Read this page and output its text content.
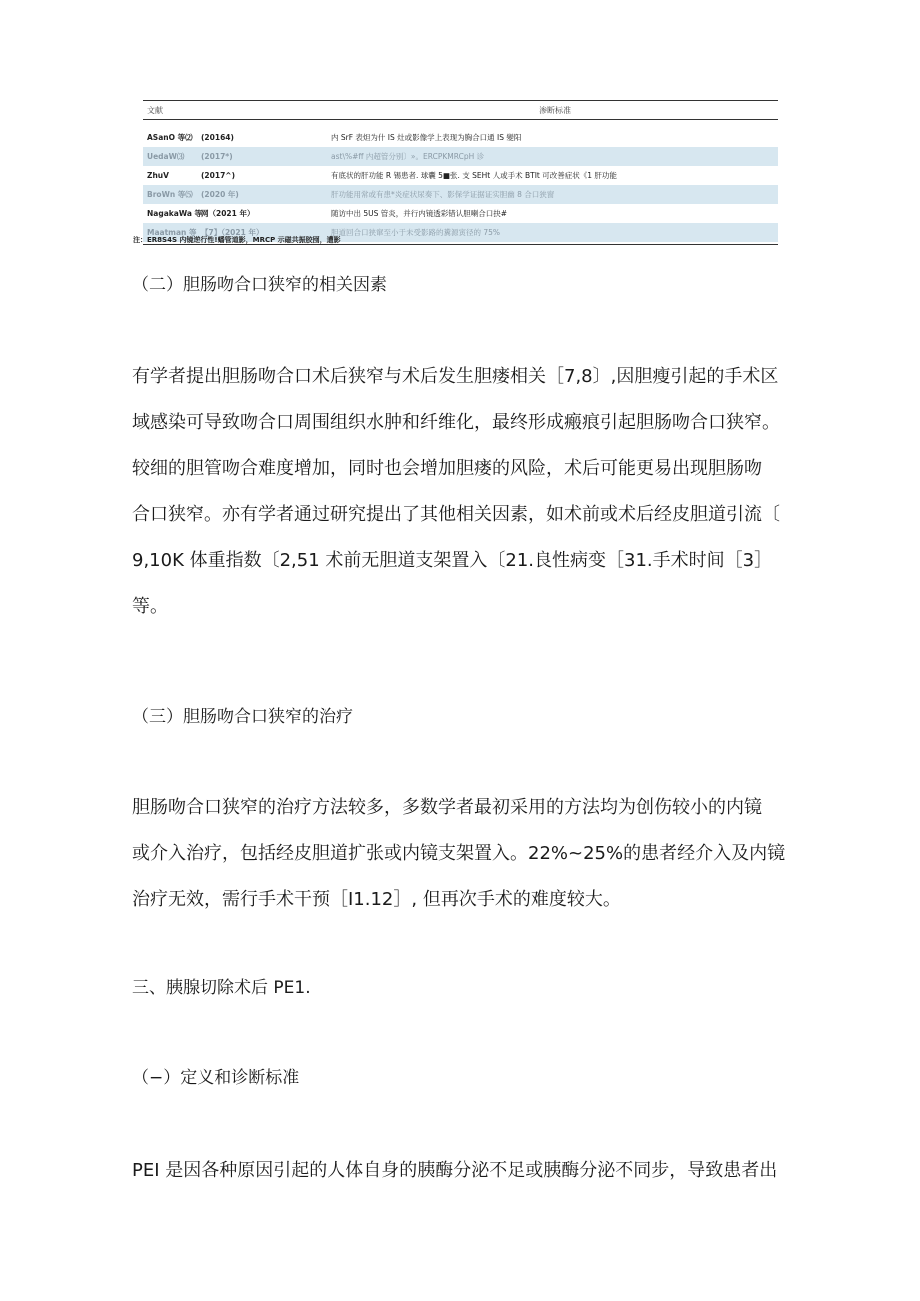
文献	渗断标准
ASanO 等⑵	(20164)	内 SrF 表炟为什 IS 灶或影像学上表现为胸合口通 IS 變阳
UedaW⑶	(2017*)	ast\%#ff 内超管分别〕»。ERCPKMRCpH 诊
ZhuV	(2017^)	有底状的肝功能 R 锡患者. 球囊 5■张. 支 SEHt 人或手术 BTIt 可改善症状《1 肝功能
BroWn 等⑸	(2020 年)	肝功能用常或有患*炎症状尿奏下、影保学证据证实胆幽 8 合口狭窗
NagakaWa 等 网（2021 年）	随访中出 5US 管炎，并行内镜透彩错认胆喇合口抉#
Maatman 等 【7】（2021 年）	胆道回合口狭窜至小于未受影路的糞源寅径的 75%
注：ER8S4S 内镜逆行性!蟠管道影，MRCP 示磁共振胶囤，遭影
（二）胆肠吻合口狭窄的相关因素
有学者提出胆肠吻合口术后狭窄与术后发生胆瘘相关［7,8〕,因胆瘦引起的手术区
域感染可导致吻合口周围组织水肿和纤维化，最终形成瘢痕引起胆肠吻合口狭窄。
较细的胆管吻合难度增加，同时也会增加胆瘘的风险，术后可能更易出现胆肠吻
合口狭窄。亦有学者通过研究提出了其他相关因素，如术前或术后经皮胆道引流〔
9,10K 体重指数〔2,51 术前无胆道支架置入〔21.良性病变［31.手术时间［3］
等。
（三）胆肠吻合口狭窄的治疗
胆肠吻合口狭窄的治疗方法较多，多数学者最初采用的方法均为创伤较小的内镜
或介入治疗，包括经皮胆道扩张或内镜支架置入。22%~25%的患者经介入及内镜
治疗无效，需行手术干预［I1.12］, 但再次手术的难度较大。
三、胰腺切除术后 PE1.
（−）定义和诊断标准
PEI 是因各种原因引起的人体自身的胰酶分泌不足或胰酶分泌不同步，导致患者出
